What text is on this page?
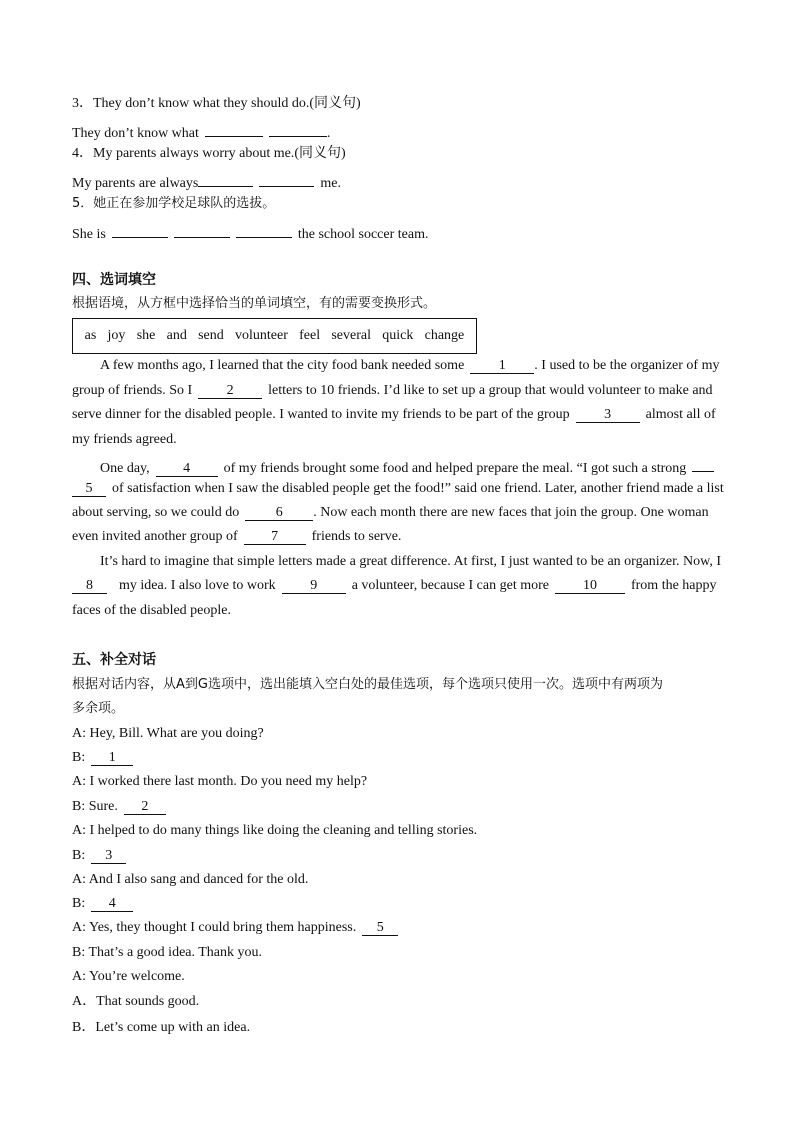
3．They don’t know what they should do.(同义句)
They don’t know what	.
4．My parents always worry about me.(同义句)
My parents are always	me.
5．她正在参加学校足球队的选拔。
She is	the school soccer team.
四、选词填空
根据语境，从方框中选择恰当的单词填空，有的需要变换形式。
as joy she and send volunteer feel several quick change
A few months ago, I learned that the city food bank needed some 1 . I used to be the organizer of my
group of friends. So I 2 letters to 10 friends. I’d like to set up a group that would volunteer to make and
serve dinner for the disabled people. I wanted to invite my friends to be part of the group 3 almost all of
my friends agreed.
One day, 4 of my friends brought some food and helped prepare the meal. “I got such a strong
5 of satisfaction when I saw the disabled people get the food!” said one friend. Later, another friend made a list
about serving, so we could do	6 . Now each month there are new faces that join the group. One woman
even invited another group of 7 friends to serve.
It’s hard to imagine that simple letters made a great difference. At first, I just wanted to be an organizer. Now, I
8 my idea. I also love to work 9 a volunteer, because I can get more 10 from the happy
faces of the disabled people.
五、补全对话
根据对话内容，从A到G选项中，选出能填入空白处的最佳选项，每个选项只使用一次。选项中有两项为
多余项。
A: Hey, Bill. What are you doing?
B: 1
A: I worked there last month. Do you need my help?
B: Sure. 2
A: I helped to do many things like doing the cleaning and telling stories.
B: 3
A: And I also sang and danced for the old.
B: 4
A: Yes, they thought I could bring them happiness. 5
B: That’s a good idea. Thank you.
A: You’re welcome.
A．That sounds good.
B．Let’s come up with an idea.
